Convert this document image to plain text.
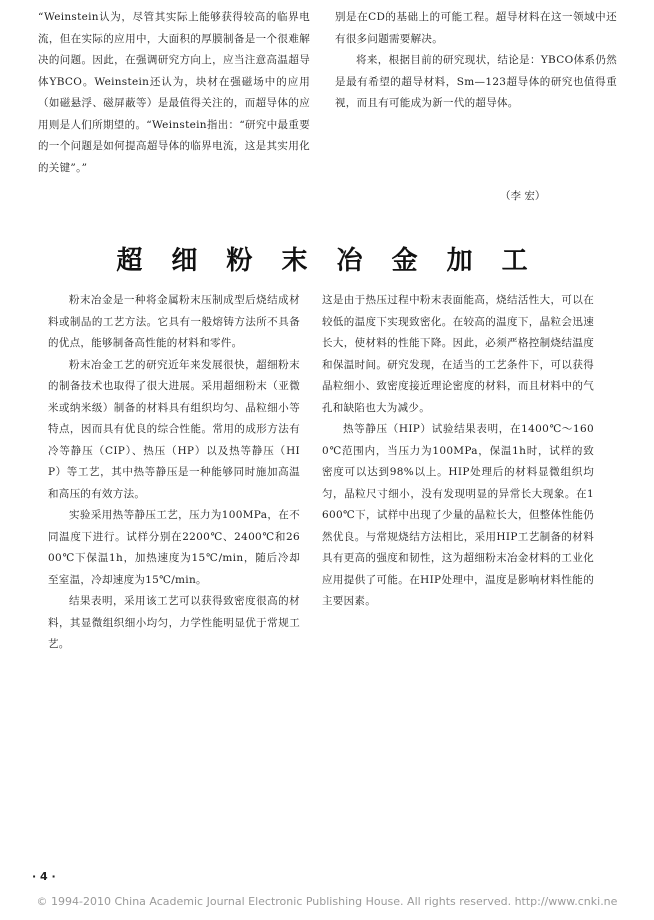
“Weinstein认为，尽管其实际上能够获得较高的临界电流，但在实际的应用中，大面积的厚膜制备是一个很难解决的问题。因此，在强调研究方向上，应当注意高温超导体YBCO。Weinstein还认为，块材在强磁场中的应用（如磁悬浮、磁屏蔽等）是最值得关注的，而超导体的应用则是人们所期望的。“Weinstein指出：“研究中最重要的一个问题是如何提高超导体的临界电流，这是其实用化的关键”。”

别是在CD的基础上的可能工程。超导材料在这一领域中还有很多问题需要解决。

将来，根据目前的研究现状，结论是：YBCO体系仍然是最有希望的超导材料，Sm—123超导体的研究也值得重视，而且有可能成为新一代的超导体。

（李 宏）
超 细 粉 末 冶 金 加 工

粉末冶金是一种将金属粉末压制成型后烧结成材料或制品的工艺方法。它具有一般熔铸方法所不具备的优点，能够制备高性能的材料和零件。

粉末冶金工艺的研究近年来发展很快，超细粉末的制备技术也取得了很大进展。采用超细粉末（亚微米或纳米级）制备的材料具有组织均匀、晶粒细小等特点，因而具有优良的综合性能。常用的成形方法有冷等静压（CIP）、热压（HP）以及热等静压（HIP）等工艺，其中热等静压是一种能够同时施加高温和高压的有效方法。

实验采用热等静压工艺，压力为100MPa，在不同温度下进行。试样分别在2200℃、2400℃和2600℃下保温1h，加热速度为15℃/min，随后冷却至室温，冷却速度为15℃/min。

结果表明，采用该工艺可以获得致密度很高的材料，其显微组织细小均匀，力学性能明显优于常规工艺。

这是由于热压过程中粉末表面能高，烧结活性大，可以在较低的温度下实现致密化。在较高的温度下，晶粒会迅速长大，使材料的性能下降。因此，必须严格控制烧结温度和保温时间。研究发现，在适当的工艺条件下，可以获得晶粒细小、致密度接近理论密度的材料，而且材料中的气孔和缺陷也大为减少。

热等静压（HIP）试验结果表明，在1400℃～1600℃范围内，当压力为100MPa，保温1h时，试样的致密度可以达到98%以上。HIP处理后的材料显微组织均匀，晶粒尺寸细小，没有发现明显的异常长大现象。在1600℃下，试样中出现了少量的晶粒长大，但整体性能仍然优良。与常规烧结方法相比，采用HIP工艺制备的材料具有更高的强度和韧性，这为超细粉末冶金材料的工业化应用提供了可能。在HIP处理中，温度是影响材料性能的主要因素。

· 4 ·
© 1994-2010 China Academic Journal Electronic Publishing House. All rights reserved. http://www.cnki.ne
